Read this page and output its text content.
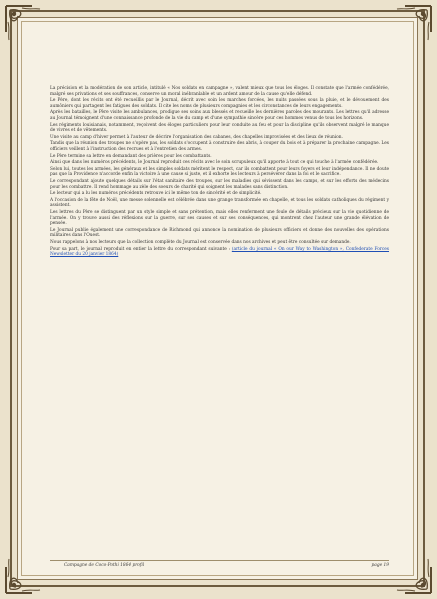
La précision et la modération de son article, intitulé « Nos soldats en campagne », valent mieux que tous les éloges. Il constate que l'armée confédérée, malgré ses privations et ses souffrances, conserve un moral inébranlable et un ardent amour de la cause qu'elle défend.

Le Père, dont les récits ont été recueillis par le Journal, décrit avec soin les marches forcées, les nuits passées sous la pluie, et le dévouement des aumôniers qui partagent les fatigues des soldats. Il cite les noms de plusieurs compagnies et les circonstances de leurs engagements.

Après les batailles, le Père visite les ambulances, prodigue ses soins aux blessés et recueille les dernières paroles des mourants. Les lettres qu'il adresse au Journal témoignent d'une connaissance profonde de la vie du camp et d'une sympathie sincère pour ces hommes venus de tous les horizons.

Les régiments louisianais, notamment, reçoivent des éloges particuliers pour leur conduite au feu et pour la discipline qu'ils observent malgré le manque de vivres et de vêtements.

Une visite au camp d'hiver permet à l'auteur de décrire l'organisation des cabanes, des chapelles improvisées et des lieux de réunion.

Tandis que la réunion des troupes ne s'opère pas, les soldats s'occupent à construire des abris, à couper du bois et à préparer la prochaine campagne. Les officiers veillent à l'instruction des recrues et à l'entretien des armes.

Le Père termine sa lettre en demandant des prières pour les combattants.

Ainsi que dans les numéros précédents, le Journal reproduit ces récits avec le soin scrupuleux qu'il apporte à tout ce qui touche à l'armée confédérée.

Selon lui, toutes les armées, les généraux et les simples soldats méritent le respect, car ils combattent pour leurs foyers et leur indépendance. Il ne doute pas que la Providence n'accorde enfin la victoire à une cause si juste, et il exhorte les lecteurs à persévérer dans la foi et le sacrifice.

Le correspondant ajoute quelques détails sur l'état sanitaire des troupes, sur les maladies qui sévissent dans les camps, et sur les efforts des médecins pour les combattre. Il rend hommage au zèle des soeurs de charité qui soignent les malades sans distinction.

Le lecteur qui a lu les numéros précédents retrouve ici le même ton de sincérité et de simplicité.

A l'occasion de la fête de Noël, une messe solennelle est célébrée dans une grange transformée en chapelle, et tous les soldats catholiques du régiment y assistent.

Les lettres du Père se distinguent par un style simple et sans prétention, mais elles renferment une foule de détails précieux sur la vie quotidienne de l'armée. On y trouve aussi des réflexions sur la guerre, sur ses causes et sur ses conséquences, qui montrent chez l'auteur une grande élévation de pensée.

Le Journal publie également une correspondance de Richmond qui annonce la nomination de plusieurs officiers et donne des nouvelles des opérations militaires dans l'Ouest.

Nous rappelons à nos lecteurs que la collection complète du Journal est conservée dans nos archives et peut être consultée sur demande.

Pour sa part, le journal reproduit en entier la lettre du correspondant suivante : (article du journal « On our Way to Washington », Confederate Forces Newsletter du 20 janvier 1864)

Campagne de Coco-Pothi 1864 profil	page 19
